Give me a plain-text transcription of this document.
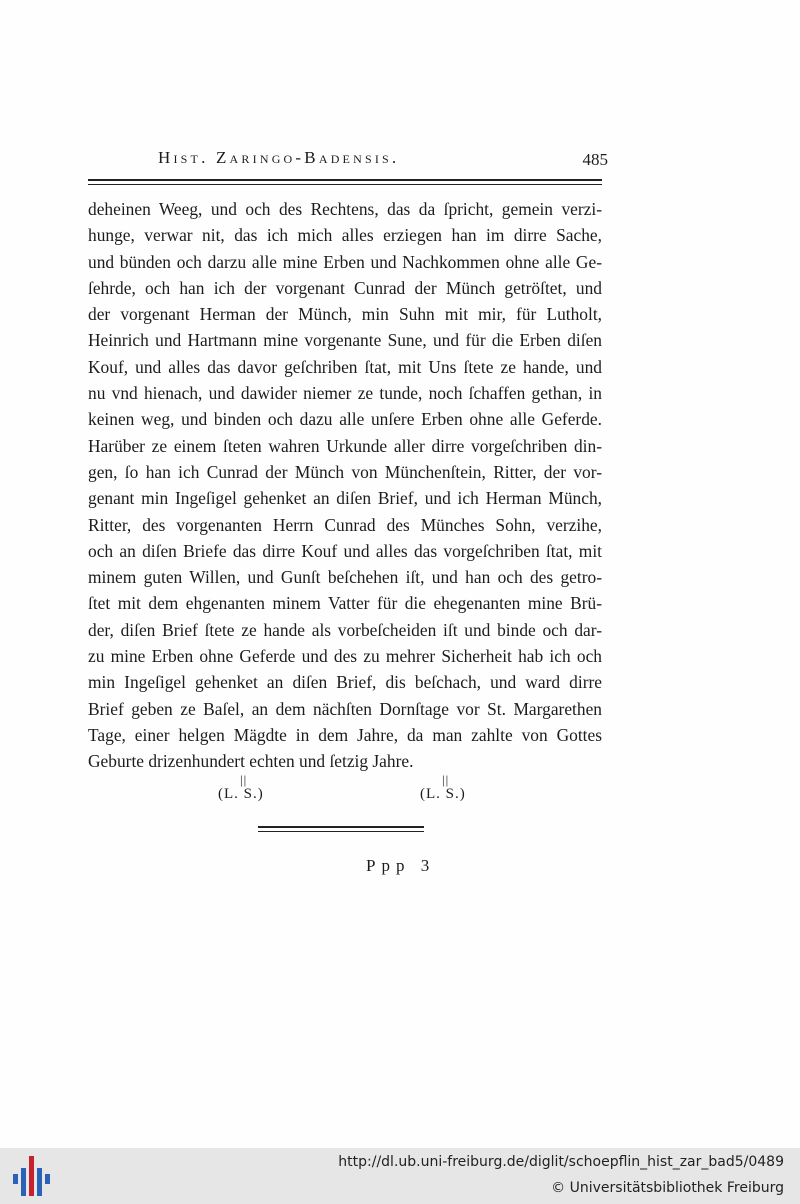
Hist. Zaringo-Badensis.	485
deheinen Weeg, und och des Rechtens, das da ſpricht, gemein verzi-
hunge, verwar nit, das ich mich alles erziegen han im dirre Sache,
und bünden och darzu alle mine Erben und Nachkommen ohne alle Ge-
ſehrde, och han ich der vorgenant Cunrad der Münch getröſtet, und
der vorgenant Herman der Münch, min Suhn mit mir, für Lutholt,
Heinrich und Hartmann mine vorgenante Sune, und für die Erben diſen
Kouf, und alles das davor geſchriben ſtat, mit Uns ſtete ze hande, und
nu vnd hienach, und dawider niemer ze tunde, noch ſchaffen gethan, in
keinen weg, und binden och dazu alle unſere Erben ohne alle Geferde.
Harüber ze einem ſteten wahren Urkunde aller dirre vorgeſchriben din-
gen, ſo han ich Cunrad der Münch von Münchenſtein, Ritter, der vor-
genant min Ingeſigel gehenket an diſen Brief, und ich Herman Münch,
Ritter, des vorgenanten Herrn Cunrad des Münches Sohn, verzihe,
och an diſen Briefe das dirre Kouf und alles das vorgeſchriben ſtat, mit
minem guten Willen, und Gunſt beſchehen iſt, und han och des getro-
ſtet mit dem ehgenanten minem Vatter für die ehegenanten mine Brü-
der, diſen Brief ſtete ze hande als vorbeſcheiden iſt und binde och dar-
zu mine Erben ohne Geferde und des zu mehrer Sicherheit hab ich och
min Ingeſigel gehenket an diſen Brief, dis beſchach, und ward dirre
Brief geben ze Baſel, an dem nächſten Dornſtage vor St. Margarethen
Tage, einer helgen Mägdte in dem Jahre, da man zahlte von Gottes
Geburte drizenhundert echten und ſetzig Jahre.
||
(L. S.)
||
(L. S.)
Ppp 3
http://dl.ub.uni-freiburg.de/diglit/schoepflin_hist_zar_bad5/0489
© Universitätsbibliothek Freiburg
